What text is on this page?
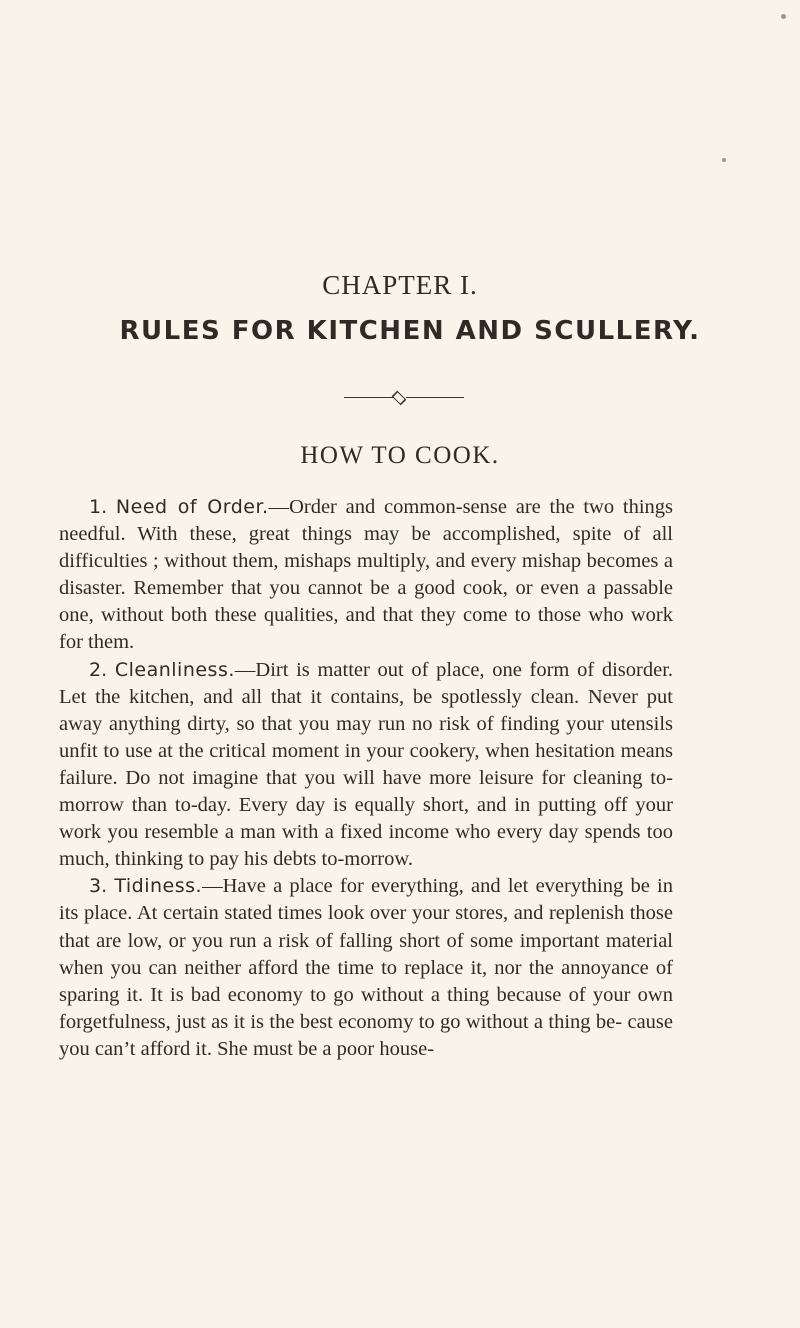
CHAPTER I.
RULES FOR KITCHEN AND SCULLERY.
HOW TO COOK.

1. Need of Order.—Order and common-sense are the two things needful. With these, great things may be accomplished, spite of all difficulties ; without them, mishaps multiply, and every mishap becomes a disaster. Remember that you cannot be a good cook, or even a passable one, without both these qualities, and that they come to those who work for them.

2. Cleanliness.—Dirt is matter out of place, one form of disorder. Let the kitchen, and all that it contains, be spotlessly clean. Never put away anything dirty, so that you may run no risk of finding your utensils unfit to use at the critical moment in your cookery, when hesitation means failure. Do not imagine that you will have more leisure for cleaning to-morrow than to-day. Every day is equally short, and in putting off your work you resemble a man with a fixed income who every day spends too much, thinking to pay his debts to-morrow.

3. Tidiness.—Have a place for everything, and let everything be in its place. At certain stated times look over your stores, and replenish those that are low, or you run a risk of falling short of some important material when you can neither afford the time to replace it, nor the annoyance of sparing it. It is bad economy to go without a thing because of your own forgetfulness, just as it is the best economy to go without a thing be- cause you can’t afford it. She must be a poor house-
